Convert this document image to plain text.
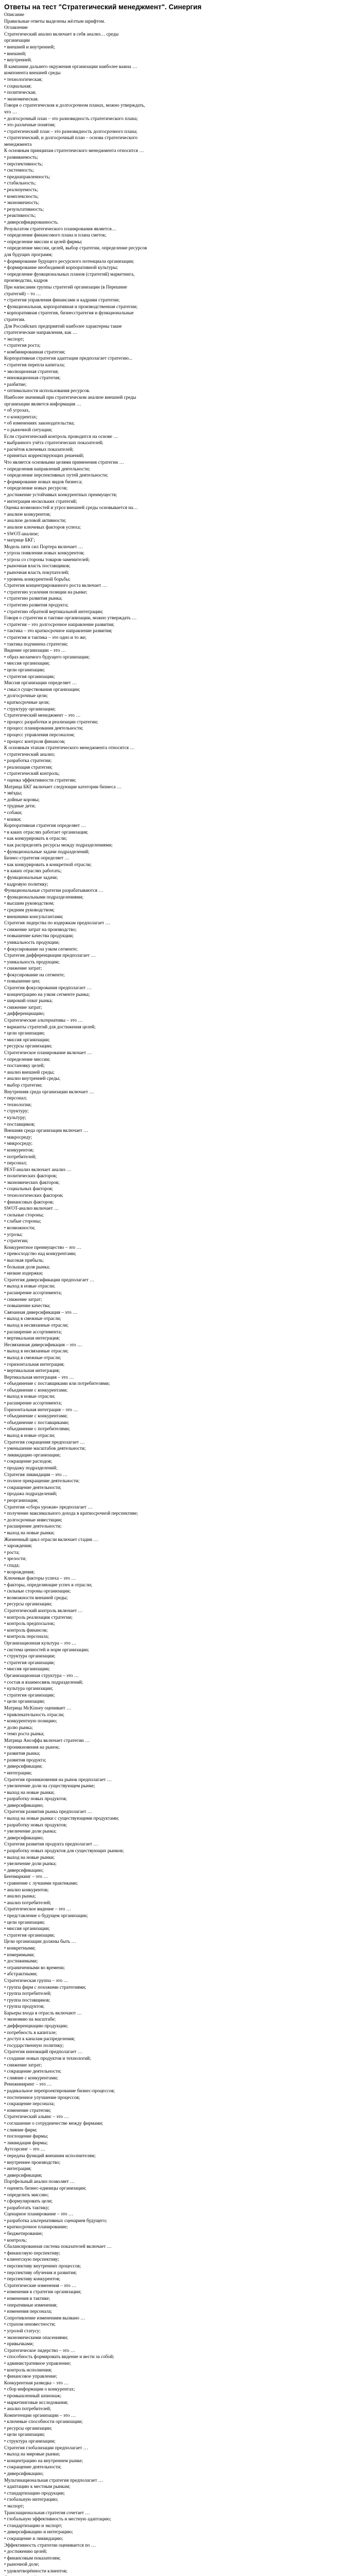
Ответы на тест "Стратегический менеджмент". Синергия
Описание
Правильные ответы выделены жёлтым шрифтом.
Оглавление
Стратегический анализ включает в себя анализ… среды
организации
• внешней и внутренней;
• внешней;
• внутренней.
В кампании дальнего окружения организации наиболее важна …
компонента внешней среды
• технологическая;
• социальная;
• политическая;
• экономическая.
Говоря о стратегическом и долгосрочном планах, можно утверждать,
что …
• долгосрочный план – это разновидность стратегического плана;
• это различные понятия;
• стратегический план – это разновидность долгосрочного плана;
• стратегический, и долгосрочный план – основа стратегического
менеджмента
К основным принципам стратегического менеджмента относится …
• развиваемость;
• перспективность;
• системность;
• преднаправленность;
• стабильность;
• реализуемость;
• комплексность;
• экономичность;
• результативность;
• реактивность;
• диверсифицированность.
Результатом стратегического планирования является…
• определение финансового плана и плана сметок;
• определение миссии и целей фирмы;
• определение миссии, целей, выбор стратегии, определение ресурсов
для будущих программ;
• формирование будущего ресурсного потенциала организации;
• формирование необходимой корпоративной культуры;
• определение функциональных планов (стратегий) маркетинга,
производства, кадров
При написании группы стратегий организации (в Перешние
стратегий) – то …
• стратегия управления финансами и кадрами стратегии;
• функциональная, корпоративная и производственная стратегии;
• корпоративная стратегия, бизнесстратегия и функциональные
стратегии.
Для Российских предприятий наиболее характерны такие
стратегические направления, как …
• экспорт;
• стратегия роста;
• комбинированная стратегия;
Корпоративная стратегия адаптации предполагает стратегию...
• стратегия перепла капитала;
• эволюционная стратегия;
• инновационная стратегия;
• разбитие;
• оптимальности использования ресурсов.
Наиболее значимый при стратегическом анализе внешней среды
организации является информация …
• об угрозах,
• о конкурентах;
• об изменениях законодательства;
• о рыночной ситуации;
Если стратегический контроль проводится на основе …
• выбранного учёта стратегических показателей;
• расчётов ключевых показателей;
• принятых корректирующих решений;
Что является основными целями применения стратегии …
• определения направлений деятельности;
• определение перспективных путей деятельности;
• формирование новых видов бизнеса;
• определение новых ресурсов;
• достижение устойчивых конкурентных преимуществ;
• интеграция нескольких стратегий;
Оценка возможностей и угроз внешней среды основывается на…
• анализе конкурентов;
• анализе деловой активности;
• анализе ключевых факторов успеха;
• SWOT-анализе;
• матрице БКГ;
Модель пяти сил Портера включает …
• угроза появления новых конкурентов;
• угроза со стороны товаров-заменителей;
• рыночная власть поставщиков;
• рыночная власть покупателей;
• уровень конкурентной борьбы;
Стратегия концентрированного роста включает …
• стратегию усиления позиции на рынке;
• стратегию развития рынка;
• стратегию развития продукта;
• стратегию обратной вертикальной интеграции;
Говоря о стратегии и тактике организации, можно утверждать …
• стратегия – это долгосрочное направление развития;
• тактика – это краткосрочное направление развития;
• стратегия и тактика – это одно и то же;
• тактика подчинена стратегии;
Видение организации – это …
• образ желаемого будущего организации;
• миссия организации;
• цели организации;
• стратегия организации;
Миссия организации определяет …
• смысл существования организации;
• долгосрочные цели;
• краткосрочные цели;
• структуру организации;
Стратегический менеджмент – это …
• процесс разработки и реализации стратегии;
• процесс планирования деятельности;
• процесс управления персоналом;
• процесс контроля финансов;
К основным этапам стратегического менеджмента относятся …
• стратегический анализ;
• разработка стратегии;
• реализация стратегии;
• стратегический контроль;
• оценка эффективности стратегии;
Матрица БКГ включает следующие категории бизнеса …
• звёзды;
• дойные коровы;
• трудные дети;
• собаки;
• кошки;
Корпоративная стратегия определяет …
• в каких отраслях работает организация;
• как конкурировать в отрасли;
• как распределять ресурсы между подразделениями;
• функциональные задачи подразделений;
Бизнес-стратегия определяет …
• как конкурировать в конкретной отрасли;
• в каких отраслях работать;
• функциональные задачи;
• кадровую политику;
Функциональные стратегии разрабатываются …
• функциональными подразделениями;
• высшим руководством;
• средним руководством;
• внешними консультантами;
Стратегия лидерства по издержкам предполагает …
• снижение затрат на производство;
• повышение качества продукции;
• уникальность продукции;
• фокусирование на узком сегменте;
Стратегия дифференциации предполагает …
• уникальность продукции;
• снижение затрат;
• фокусирование на сегменте;
• повышение цен;
Стратегия фокусирования предполагает …
• концентрацию на узком сегменте рынка;
• широкий охват рынка;
• снижение затрат;
• дифференциацию;
Стратегические альтернативы – это …
• варианты стратегий для достижения целей;
• цели организации;
• миссия организации;
• ресурсы организации;
Стратегическое планирование включает …
• определение миссии;
• постановку целей;
• анализ внешней среды;
• анализ внутренней среды;
• выбор стратегии;
Внутренняя среда организации включает …
• персонал;
• технологии;
• структуру;
• культуру;
• поставщиков;
Внешняя среда организации включает …
• макросреду;
• микросреду;
• конкурентов;
• потребителей;
• персонал;
PEST-анализ включает анализ …
• политических факторов;
• экономических факторов;
• социальных факторов;
• технологических факторов;
• финансовых факторов;
SWOT-анализ включает …
• сильные стороны;
• слабые стороны;
• возможности;
• угрозы;
• стратегии;
Конкурентное преимущество – это …
• превосходство над конкурентами;
• высокая прибыль;
• большая доля рынка;
• низкие издержки;
Стратегия диверсификации предполагает …
• выход в новые отрасли;
• расширение ассортимента;
• снижение затрат;
• повышение качества;
Связанная диверсификация – это …
• выход в смежные отрасли;
• выход в несвязанные отрасли;
• расширение ассортимента;
• вертикальная интеграция;
Несвязанная диверсификация – это …
• выход в несвязанные отрасли;
• выход в смежные отрасли;
• горизонтальная интеграция;
• вертикальная интеграция;
Вертикальная интеграция – это …
• объединение с поставщиками или потребителями;
• объединение с конкурентами;
• выход в новые отрасли;
• расширение ассортимента;
Горизонтальная интеграция – это …
• объединение с конкурентами;
• объединение с поставщиками;
• объединение с потребителями;
• выход в новые отрасли;
Стратегия сокращения предполагает …
• уменьшение масштабов деятельности;
• ликвидацию организации;
• сокращение расходов;
• продажу подразделений;
Стратегия ликвидации – это …
• полное прекращение деятельности;
• сокращение деятельности;
• продажа подразделений;
• реорганизация;
Стратегия «сбора урожая» предполагает …
• получение максимального дохода в краткосрочной перспективе;
• долгосрочные инвестиции;
• расширение деятельности;
• выход на новые рынки;
Жизненный цикл отрасли включает стадии …
• зарождения;
• роста;
• зрелости;
• спада;
• возрождения;
Ключевые факторы успеха – это …
• факторы, определяющие успех в отрасли;
• сильные стороны организации;
• возможности внешней среды;
• ресурсы организации;
Стратегический контроль включает …
• контроль реализации стратегии;
• контроль предпосылок;
• контроль финансов;
• контроль персонала;
Организационная культура – это …
• система ценностей и норм организации;
• структура организации;
• стратегия организации;
• миссия организации;
Организационная структура – это …
• состав и взаимосвязь подразделений;
• культура организации;
• стратегия организации;
• цели организации;
Матрица McKinsey оценивает …
• привлекательность отрасли;
• конкурентную позицию;
• долю рынка;
• темп роста рынка;
Матрица Ансоффа включает стратегии …
• проникновения на рынок;
• развития рынка;
• развития продукта;
• диверсификации;
• интеграции;
Стратегия проникновения на рынок предполагает …
• увеличение доли на существующем рынке;
• выход на новые рынки;
• разработку новых продуктов;
• диверсификацию;
Стратегия развития рынка предполагает …
• выход на новые рынки с существующими продуктами;
• разработку новых продуктов;
• увеличение доли рынка;
• диверсификацию;
Стратегия развития продукта предполагает …
• разработку новых продуктов для существующих рынков;
• выход на новые рынки;
• увеличение доли рынка;
• диверсификацию;
Бенчмаркинг – это …
• сравнение с лучшими практиками;
• анализ конкурентов;
• анализ рынка;
• анализ потребителей;
Стратегическое видение – это …
• представление о будущем организации;
• цели организации;
• миссия организации;
• стратегия организации;
Цели организации должны быть …
• конкретными;
• измеримыми;
• достижимыми;
• ограниченными во времени;
• абстрактными;
Стратегическая группа – это …
• группа фирм с похожими стратегиями;
• группа потребителей;
• группа поставщиков;
• группа продуктов;
Барьеры входа в отрасль включают …
• экономию на масштабе;
• дифференциацию продукции;
• потребность в капитале;
• доступ к каналам распределения;
• государственную политику;
Стратегия инноваций предполагает …
• создание новых продуктов и технологий;
• снижение затрат;
• сокращение деятельности;
• слияние с конкурентами;
Реинжиниринг – это …
• радикальное перепроектирование бизнес-процессов;
• постепенное улучшение процессов;
• сокращение персонала;
• изменение стратегии;
Стратегический альянс – это …
• соглашение о сотрудничестве между фирмами;
• слияние фирм;
• поглощение фирмы;
• ликвидация фирмы;
Аутсорсинг – это …
• передача функций внешним исполнителям;
• внутреннее производство;
• интеграция;
• диверсификация;
Портфельный анализ позволяет …
• оценить бизнес-единицы организации;
• определить миссию;
• сформулировать цели;
• разработать тактику;
Сценарное планирование – это …
• разработка альтернативных сценариев будущего;
• краткосрочное планирование;
• бюджетирование;
• контроль;
Сбалансированная система показателей включает …
• финансовую перспективу;
• клиентскую перспективу;
• перспективу внутренних процессов;
• перспективу обучения и развития;
• перспективу конкурентов;
Стратегические изменения – это …
• изменения в стратегии организации;
• изменения в тактике;
• оперативные изменения;
• изменения персонала;
Сопротивление изменениям вызвано …
• страхом неизвестности;
• угрозой статусу;
• экономическими опасениями;
• привычками;
Стратегическое лидерство – это …
• способность формировать видение и вести за собой;
• административное управление;
• контроль исполнения;
• финансовое управление;
Конкурентная разведка – это …
• сбор информации о конкурентах;
• промышленный шпионаж;
• маркетинговые исследования;
• анализ потребителей;
Компетенции организации – это …
• ключевые способности организации;
• ресурсы организации;
• цели организации;
• структура организации;
Стратегия глобализации предполагает …
• выход на мировые рынки;
• концентрацию на внутреннем рынке;
• сокращение деятельности;
• диверсификацию;
Мультинациональная стратегия предполагает …
• адаптацию к местным рынкам;
• стандартизацию продукции;
• глобальную интеграцию;
• экспорт;
Транснациональная стратегия сочетает …
• глобальную эффективность и местную адаптацию;
• стандартизацию и экспорт;
• диверсификацию и интеграцию;
• сокращение и ликвидацию;
Эффективность стратегии оценивается по …
• достижению целей;
• финансовым показателям;
• рыночной доле;
• удовлетворённости клиентов;
